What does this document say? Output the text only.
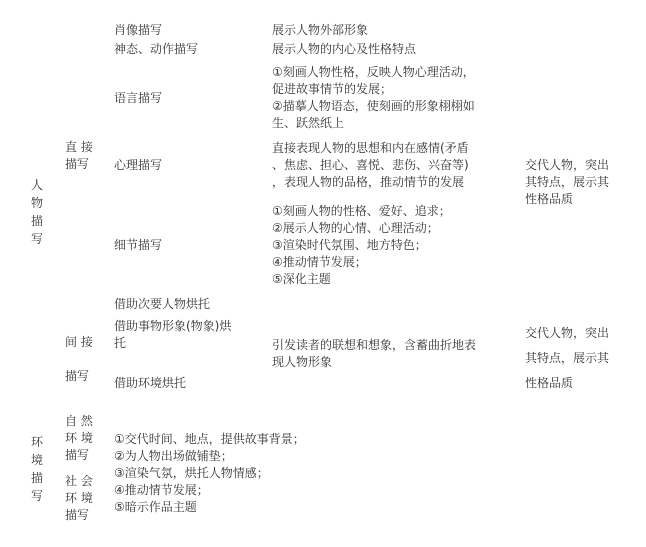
人
物
描
写
直 接
描写
肖像描写	展示人物外部形象
神态、动作描写	展示人物的内心及性格特点
语言描写
①刻画人物性格，反映人物心理活动，
促进故事情节的发展；
②描摹人物语态，使刻画的形象栩栩如
生、跃然纸上
心理描写
直接表现人物的思想和内在感情(矛盾
、焦虑、担心、喜悦、悲伤、兴奋等)
，表现人物的品格，推动情节的发展
细节描写
①刻画人物的性格、爱好、追求；
②展示人物的心情、心理活动；
③渲染时代氛围、地方特色；
④推动情节发展；
⑤深化主题
交代人物，突出
其特点，展示其
性格品质
间 接

描写
借助次要人物烘托
借助事物形象(物象)烘
托
借助环境烘托
引发读者的联想和想象，含蓄曲折地表
现人物形象
交代人物，突出
其特点，展示其
性格品质
环
境
描
写
自 然
环 境
描写
社 会
环 境
描写
①交代时间、地点，提供故事背景；
②为人物出场做铺垫；
③渲染气氛，烘托人物情感；
④推动情节发展；
⑤暗示作品主题
